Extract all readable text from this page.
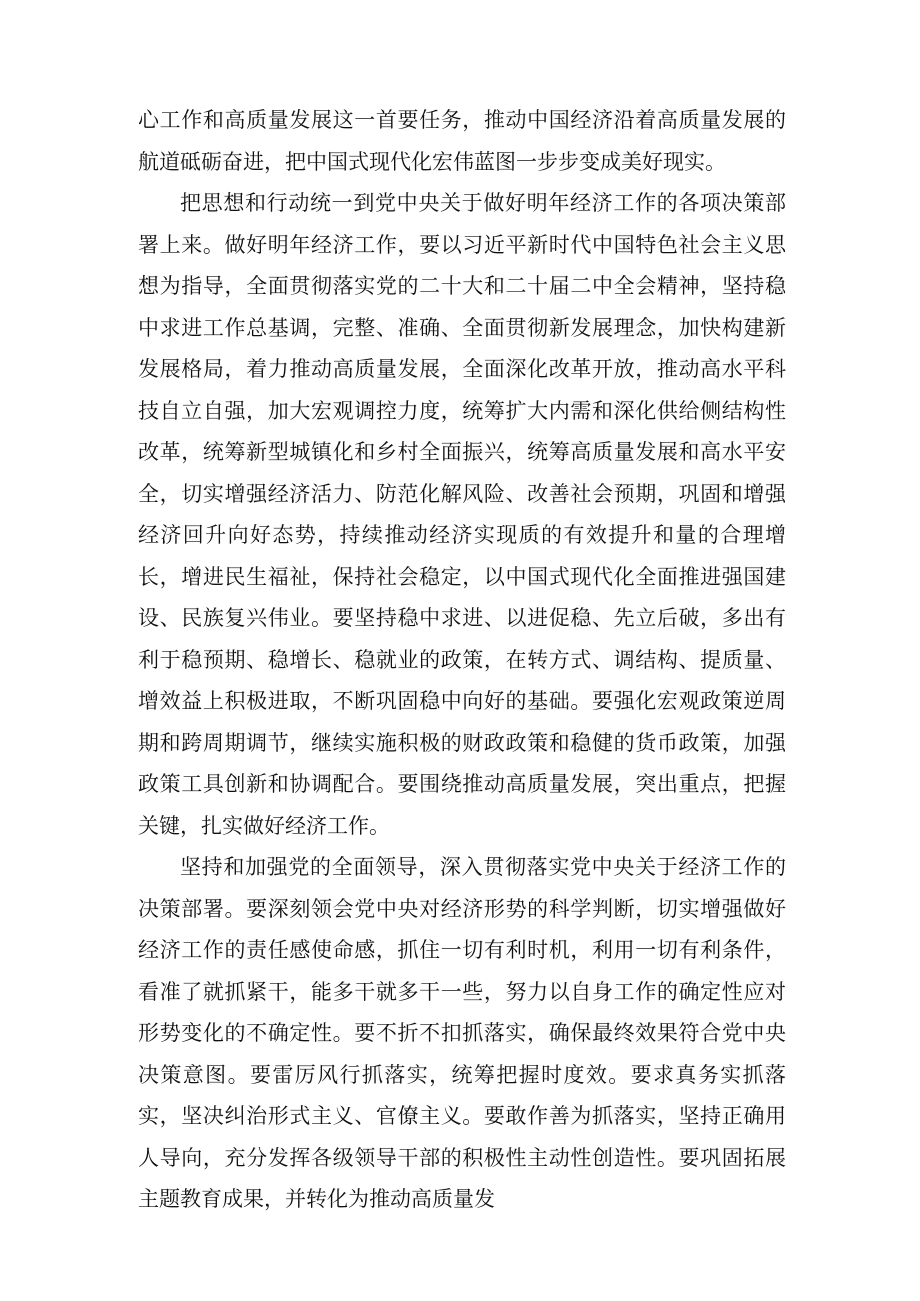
心工作和高质量发展这一首要任务，推动中国经济沿着高质量发展的航道砥砺奋进，把中国式现代化宏伟蓝图一步步变成美好现实。

把思想和行动统一到党中央关于做好明年经济工作的各项决策部署上来。做好明年经济工作，要以习近平新时代中国特色社会主义思想为指导，全面贯彻落实党的二十大和二十届二中全会精神，坚持稳中求进工作总基调，完整、准确、全面贯彻新发展理念，加快构建新发展格局，着力推动高质量发展，全面深化改革开放，推动高水平科技自立自强，加大宏观调控力度，统筹扩大内需和深化供给侧结构性改革，统筹新型城镇化和乡村全面振兴，统筹高质量发展和高水平安全，切实增强经济活力、防范化解风险、改善社会预期，巩固和增强经济回升向好态势，持续推动经济实现质的有效提升和量的合理增长，增进民生福祉，保持社会稳定，以中国式现代化全面推进强国建设、民族复兴伟业。要坚持稳中求进、以进促稳、先立后破，多出有利于稳预期、稳增长、稳就业的政策，在转方式、调结构、提质量、增效益上积极进取，不断巩固稳中向好的基础。要强化宏观政策逆周期和跨周期调节，继续实施积极的财政政策和稳健的货币政策，加强政策工具创新和协调配合。要围绕推动高质量发展，突出重点，把握关键，扎实做好经济工作。

坚持和加强党的全面领导，深入贯彻落实党中央关于经济工作的决策部署。要深刻领会党中央对经济形势的科学判断，切实增强做好经济工作的责任感使命感，抓住一切有利时机，利用一切有利条件，看准了就抓紧干，能多干就多干一些，努力以自身工作的确定性应对形势变化的不确定性。要不折不扣抓落实，确保最终效果符合党中央决策意图。要雷厉风行抓落实，统筹把握时度效。要求真务实抓落实，坚决纠治形式主义、官僚主义。要敢作善为抓落实，坚持正确用人导向，充分发挥各级领导干部的积极性主动性创造性。要巩固拓展主题教育成果，并转化为推动高质量发
